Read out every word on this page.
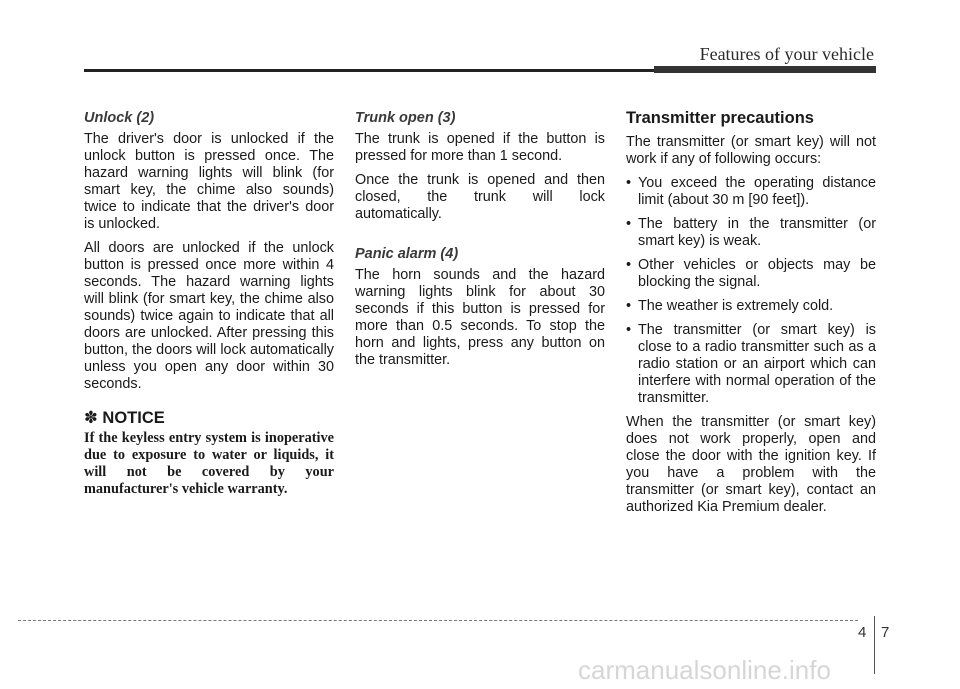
Features of your vehicle
Unlock (2)

The driver's door is unlocked if the unlock button is pressed once. The hazard warning lights will blink (for smart key, the chime also sounds) twice to indicate that the driver's door is unlocked.

All doors are unlocked if the unlock button is pressed once more within 4 seconds. The hazard warning lights will blink (for smart key, the chime also sounds) twice again to indicate that all doors are unlocked. After pressing this button, the doors will lock automatically unless you open any door within 30 seconds.

✽ NOTICE
If the keyless entry system is inoperative due to exposure to water or liquids, it will not be covered by your manufacturer's vehicle warranty.
Trunk open (3)

The trunk is opened if the button is pressed for more than 1 second.

Once the trunk is opened and then closed, the trunk will lock automatically.

Panic alarm (4)

The horn sounds and the hazard warning lights blink for about 30 seconds if this button is pressed for more than 0.5 seconds. To stop the horn and lights, press any button on the transmitter.

Transmitter precautions

The transmitter (or smart key) will not work if any of following occurs:

• You exceed the operating distance limit (about 30 m [90 feet]).
• The battery in the transmitter (or smart key) is weak.
• Other vehicles or objects may be blocking the signal.
• The weather is extremely cold.
• The transmitter (or smart key) is close to a radio transmitter such as a radio station or an airport which can interfere with normal operation of the transmitter.

When the transmitter (or smart key) does not work properly, open and close the door with the ignition key. If you have a problem with the transmitter (or smart key), contact an authorized Kia Premium dealer.

4 7
carmanualsonline.info
